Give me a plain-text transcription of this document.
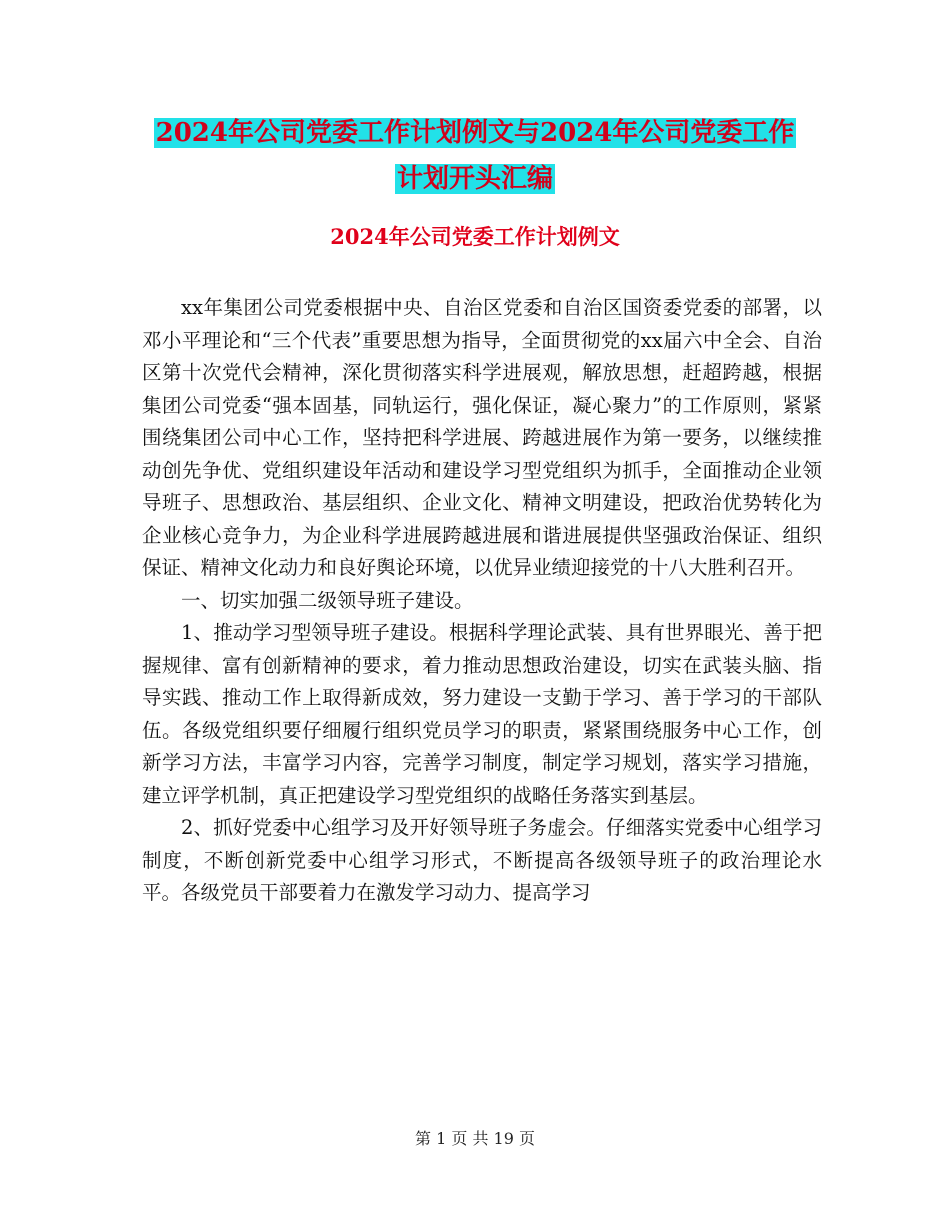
2024年公司党委工作计划例文与2024年公司党委工作
计划开头汇编
2024年公司党委工作计划例文

xx年集团公司党委根据中央、自治区党委和自治区国资委党委的部署，以邓小平理论和“三个代表”重要思想为指导，全面贯彻党的xx届六中全会、自治区第十次党代会精神，深化贯彻落实科学进展观，解放思想，赶超跨越，根据集团公司党委“强本固基，同轨运行，强化保证，凝心聚力”的工作原则，紧紧围绕集团公司中心工作，坚持把科学进展、跨越进展作为第一要务，以继续推动创先争优、党组织建设年活动和建设学习型党组织为抓手，全面推动企业领导班子、思想政治、基层组织、企业文化、精神文明建设，把政治优势转化为企业核心竞争力，为企业科学进展跨越进展和谐进展提供坚强政治保证、组织保证、精神文化动力和良好舆论环境，以优异业绩迎接党的十八大胜利召开。

一、切实加强二级领导班子建设。

1、推动学习型领导班子建设。根据科学理论武装、具有世界眼光、善于把握规律、富有创新精神的要求，着力推动思想政治建设，切实在武装头脑、指导实践、推动工作上取得新成效，努力建设一支勤于学习、善于学习的干部队伍。各级党组织要仔细履行组织党员学习的职责，紧紧围绕服务中心工作，创新学习方法，丰富学习内容，完善学习制度，制定学习规划，落实学习措施，建立评学机制，真正把建设学习型党组织的战略任务落实到基层。

2、抓好党委中心组学习及开好领导班子务虚会。仔细落实党委中心组学习制度，不断创新党委中心组学习形式，不断提高各级领导班子的政治理论水平。各级党员干部要着力在激发学习动力、提高学习

第 1 页 共 19 页
